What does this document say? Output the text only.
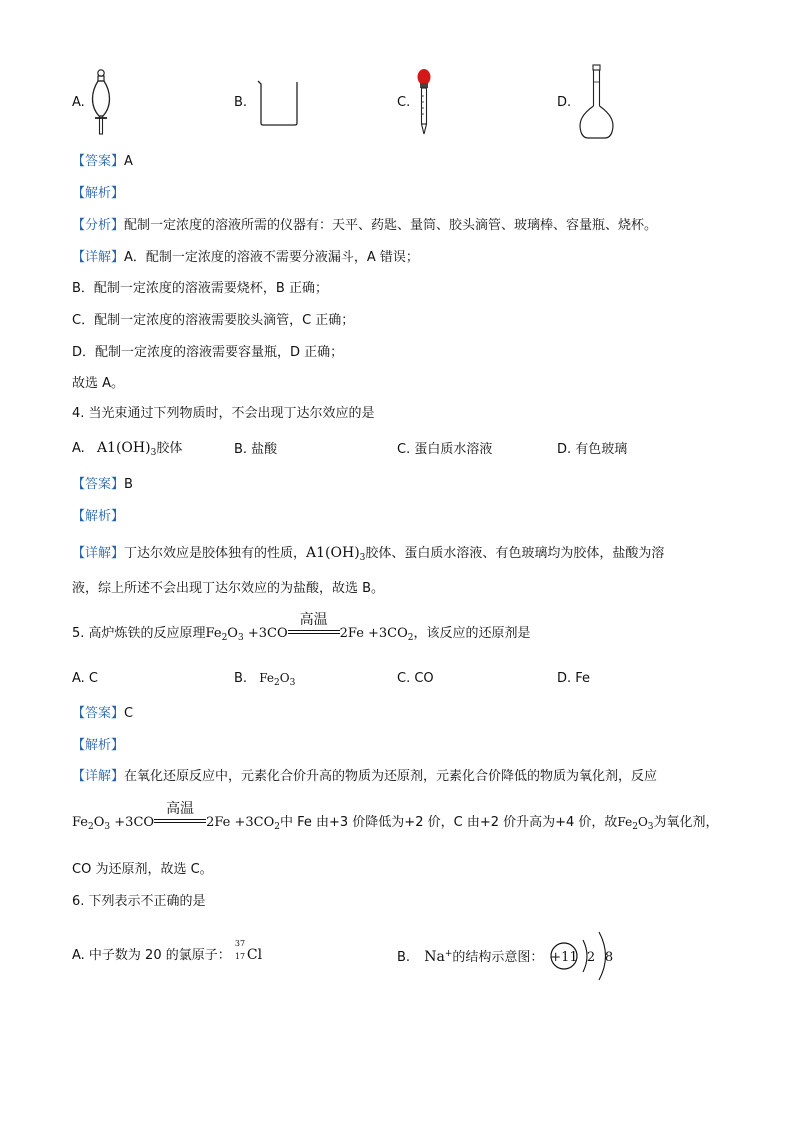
A.	B.	C.	D.
【答案】A
【解析】
【分析】配制一定浓度的溶液所需的仪器有：天平、药匙、量筒、胶头滴管、玻璃棒、容量瓶、烧杯。
【详解】A．配制一定浓度的溶液不需要分液漏斗，A 错误；
B．配制一定浓度的溶液需要烧杯，B 正确；
C．配制一定浓度的溶液需要胶头滴管，C 正确；
D．配制一定浓度的溶液需要容量瓶，D 正确；
故选 A。
4. 当光束通过下列物质时，不会出现丁达尔效应的是
A. $A1(OH)_3$胶体	B. 盐酸	C. 蛋白质水溶液	D. 有色玻璃
【答案】B
【解析】
【详解】丁达尔效应是胶体独有的性质，$A1(OH)_3$胶体、蛋白质水溶液、有色玻璃均为胶体，盐酸为溶
液，综上所述不会出现丁达尔效应的为盐酸，故选 B。
5. 高炉炼铁的反应原理$Fe_2O_3 +3CO$
高温
$2Fe +3CO_2$，该反应的还原剂是
A. C	B. $Fe_2O_3$	C. CO	D. Fe
【答案】C
【解析】
【详解】在氧化还原反应中，元素化合价升高的物质为还原剂，元素化合价降低的物质为氧化剂，反应
$Fe_2O_3 +3CO$
高温
$2Fe +3CO_2$中 Fe 由+3 价降低为+2 价，C 由+2 价升高为+4 价，故$Fe_2O_3$为氧化剂，
CO 为还原剂，故选 C。
6. 下列表示不正确的是
A. 中子数为 20 的氯原子：
37
17 Cl	B. Na+的结构示意图： +11 2 8
